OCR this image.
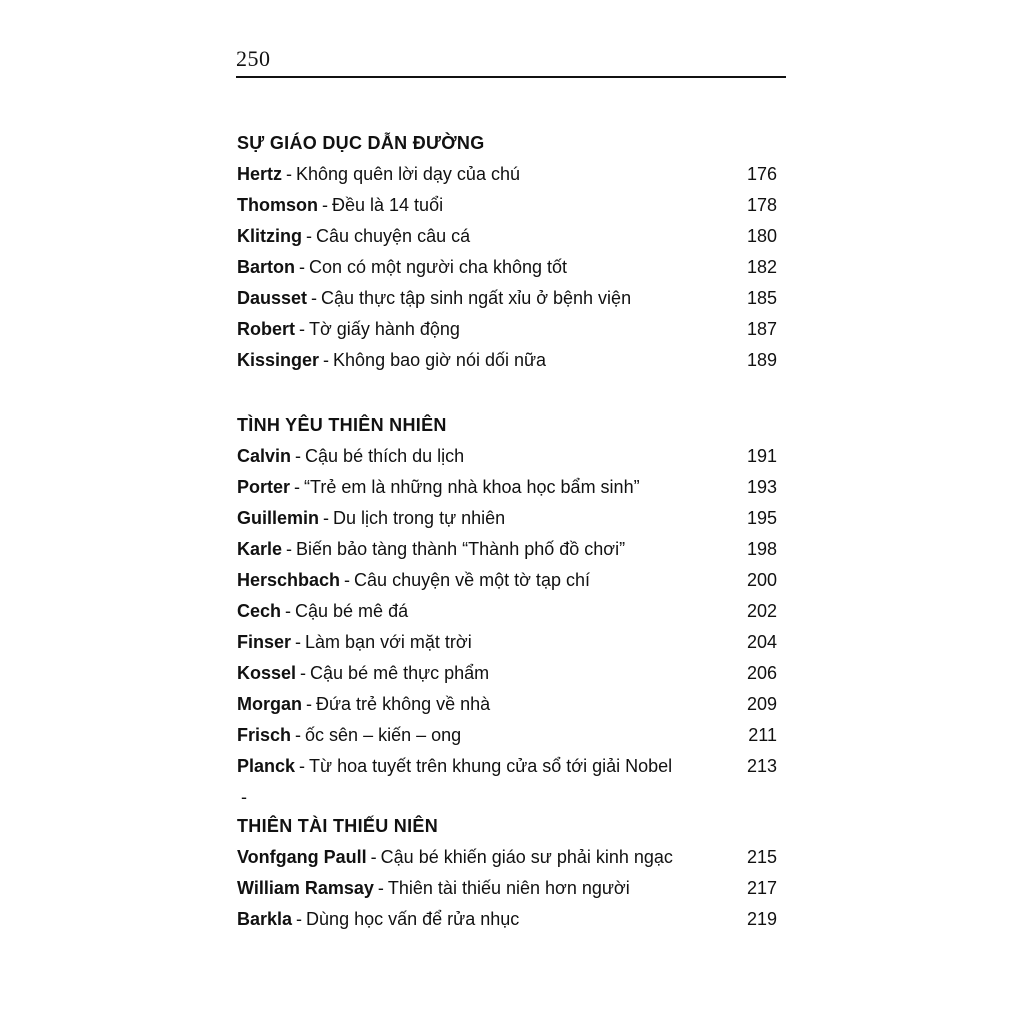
250
SỰ GIÁO DỤC DẪN ĐƯỜNG
Hertz - Không quên lời dạy của chú	176
Thomson - Đều là 14 tuổi	178
Klitzing - Câu chuyện câu cá	180
Barton - Con có một người cha không tốt	182
Dausset - Cậu thực tập sinh ngất xỉu ở bệnh viện	185
Robert - Tờ giấy hành động	187
Kissinger - Không bao giờ nói dối nữa	189
TÌNH YÊU THIÊN NHIÊN
Calvin - Cậu bé thích du lịch	191
Porter - “Trẻ em là những nhà khoa học bẩm sinh”	193
Guillemin - Du lịch trong tự nhiên	195
Karle - Biến bảo tàng thành “Thành phố đồ chơi”	198
Herschbach - Câu chuyện về một tờ tạp chí	200
Cech - Cậu bé mê đá	202
Finser - Làm bạn với mặt trời	204
Kossel - Cậu bé mê thực phẩm	206
Morgan - Đứa trẻ không về nhà	209
Frisch - ốc sên – kiến – ong	211
Planck - Từ hoa tuyết trên khung cửa sổ tới giải Nobel	213
-
THIÊN TÀI THIẾU NIÊN
Vonfgang Paull - Cậu bé khiến giáo sư phải kinh ngạc	215
William Ramsay - Thiên tài thiếu niên hơn người	217
Barkla - Dùng học vấn để rửa nhục	219
